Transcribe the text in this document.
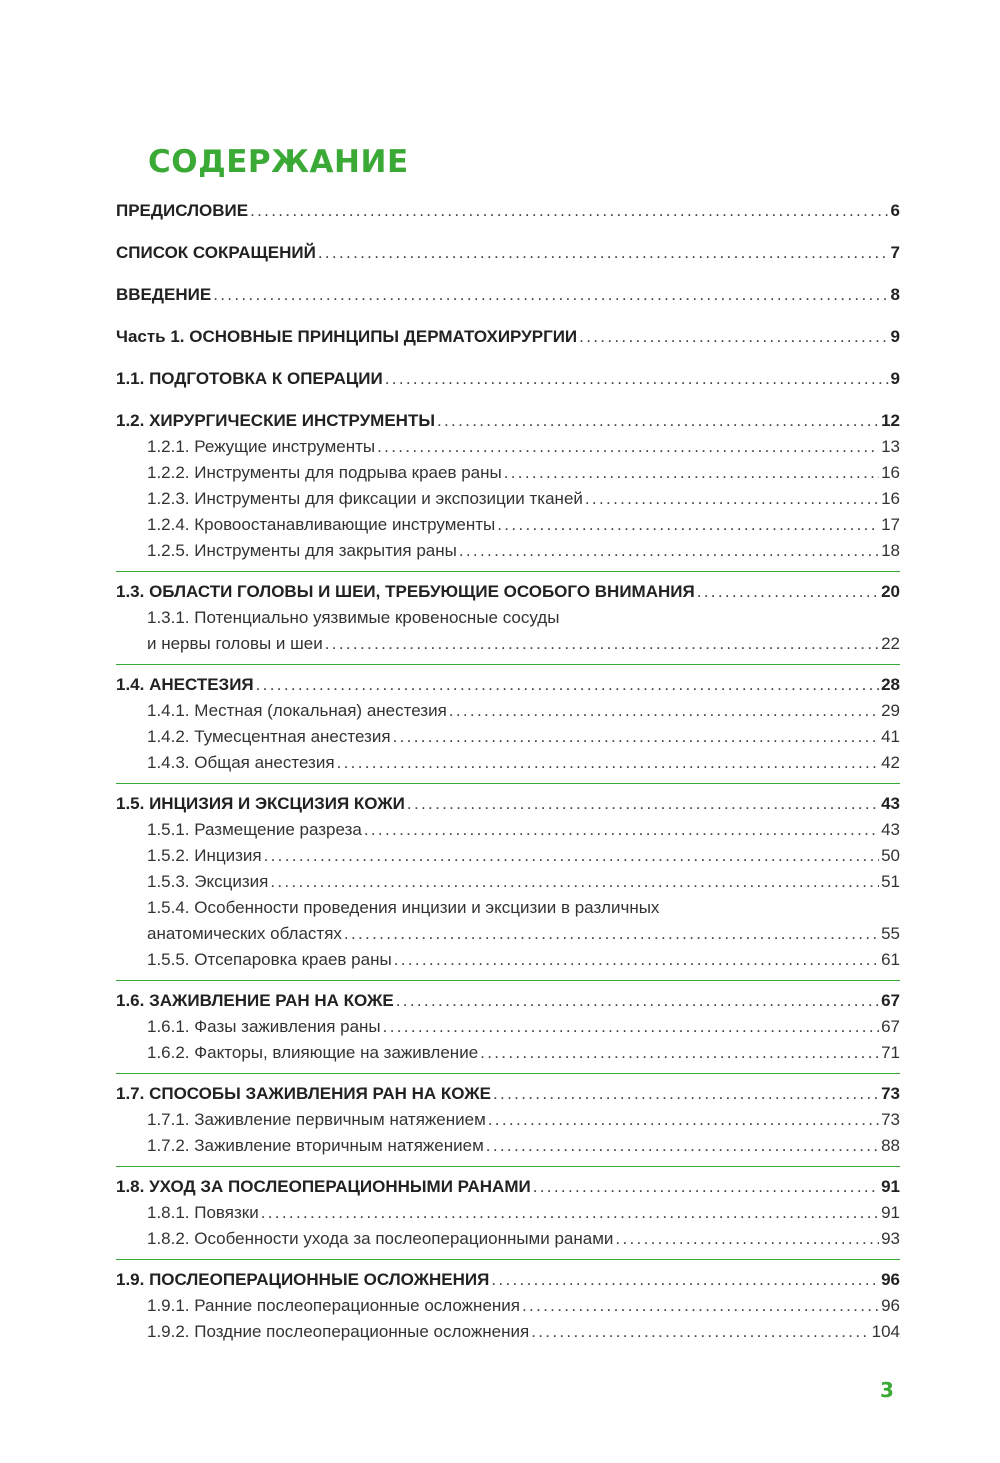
СОДЕРЖАНИЕ
ПРЕДИСЛОВИЕ . . .	6
СПИСОК СОКРАЩЕНИЙ . . .	7
ВВЕДЕНИЕ . . .	8
Часть 1. ОСНОВНЫЕ ПРИНЦИПЫ ДЕРМАТОХИРУРГИИ . . .	9
1.1. ПОДГОТОВКА К ОПЕРАЦИИ . . .	9
1.2. ХИРУРГИЧЕСКИЕ ИНСТРУМЕНТЫ . . .	12
1.2.1. Режущие инструменты . . .	13
1.2.2. Инструменты для подрыва краев раны . . .	16
1.2.3. Инструменты для фиксации и экспозиции тканей . . .	16
1.2.4. Кровоостанавливающие инструменты . . .	17
1.2.5. Инструменты для закрытия раны . . .	18
1.3. ОБЛАСТИ ГОЛОВЫ И ШЕИ, ТРЕБУЮЩИЕ ОСОБОГО ВНИМАНИЯ . . .	20
1.3.1. Потенциально уязвимые кровеносные сосуды
и нервы головы и шеи . . .	22
1.4. АНЕСТЕЗИЯ . . .	28
1.4.1. Местная (локальная) анестезия . . .	29
1.4.2. Тумесцентная анестезия . . .	41
1.4.3. Общая анестезия . . .	42
1.5. ИНЦИЗИЯ И ЭКСЦИЗИЯ КОЖИ . . .	43
1.5.1. Размещение разреза . . .	43
1.5.2. Инцизия . . .	50
1.5.3. Эксцизия . . .	51
1.5.4. Особенности проведения инцизии и эксцизии в различных
анатомических областях . . .	55
1.5.5. Отсепаровка краев раны . . .	61
1.6. ЗАЖИВЛЕНИЕ РАН НА КОЖЕ . . .	67
1.6.1. Фазы заживления раны . . .	67
1.6.2. Факторы, влияющие на заживление . . .	71
1.7. СПОСОБЫ ЗАЖИВЛЕНИЯ РАН НА КОЖЕ . . .	73
1.7.1. Заживление первичным натяжением . . .	73
1.7.2. Заживление вторичным натяжением . . .	88
1.8. УХОД ЗА ПОСЛЕОПЕРАЦИОННЫМИ РАНАМИ . . .	91
1.8.1. Повязки . . .	91
1.8.2. Особенности ухода за послеоперационными ранами . . .	93
1.9. ПОСЛЕОПЕРАЦИОННЫЕ ОСЛОЖНЕНИЯ . . .	96
1.9.1. Ранние послеоперационные осложнения . . .	96
1.9.2. Поздние послеоперационные осложнения . . .	104
3
